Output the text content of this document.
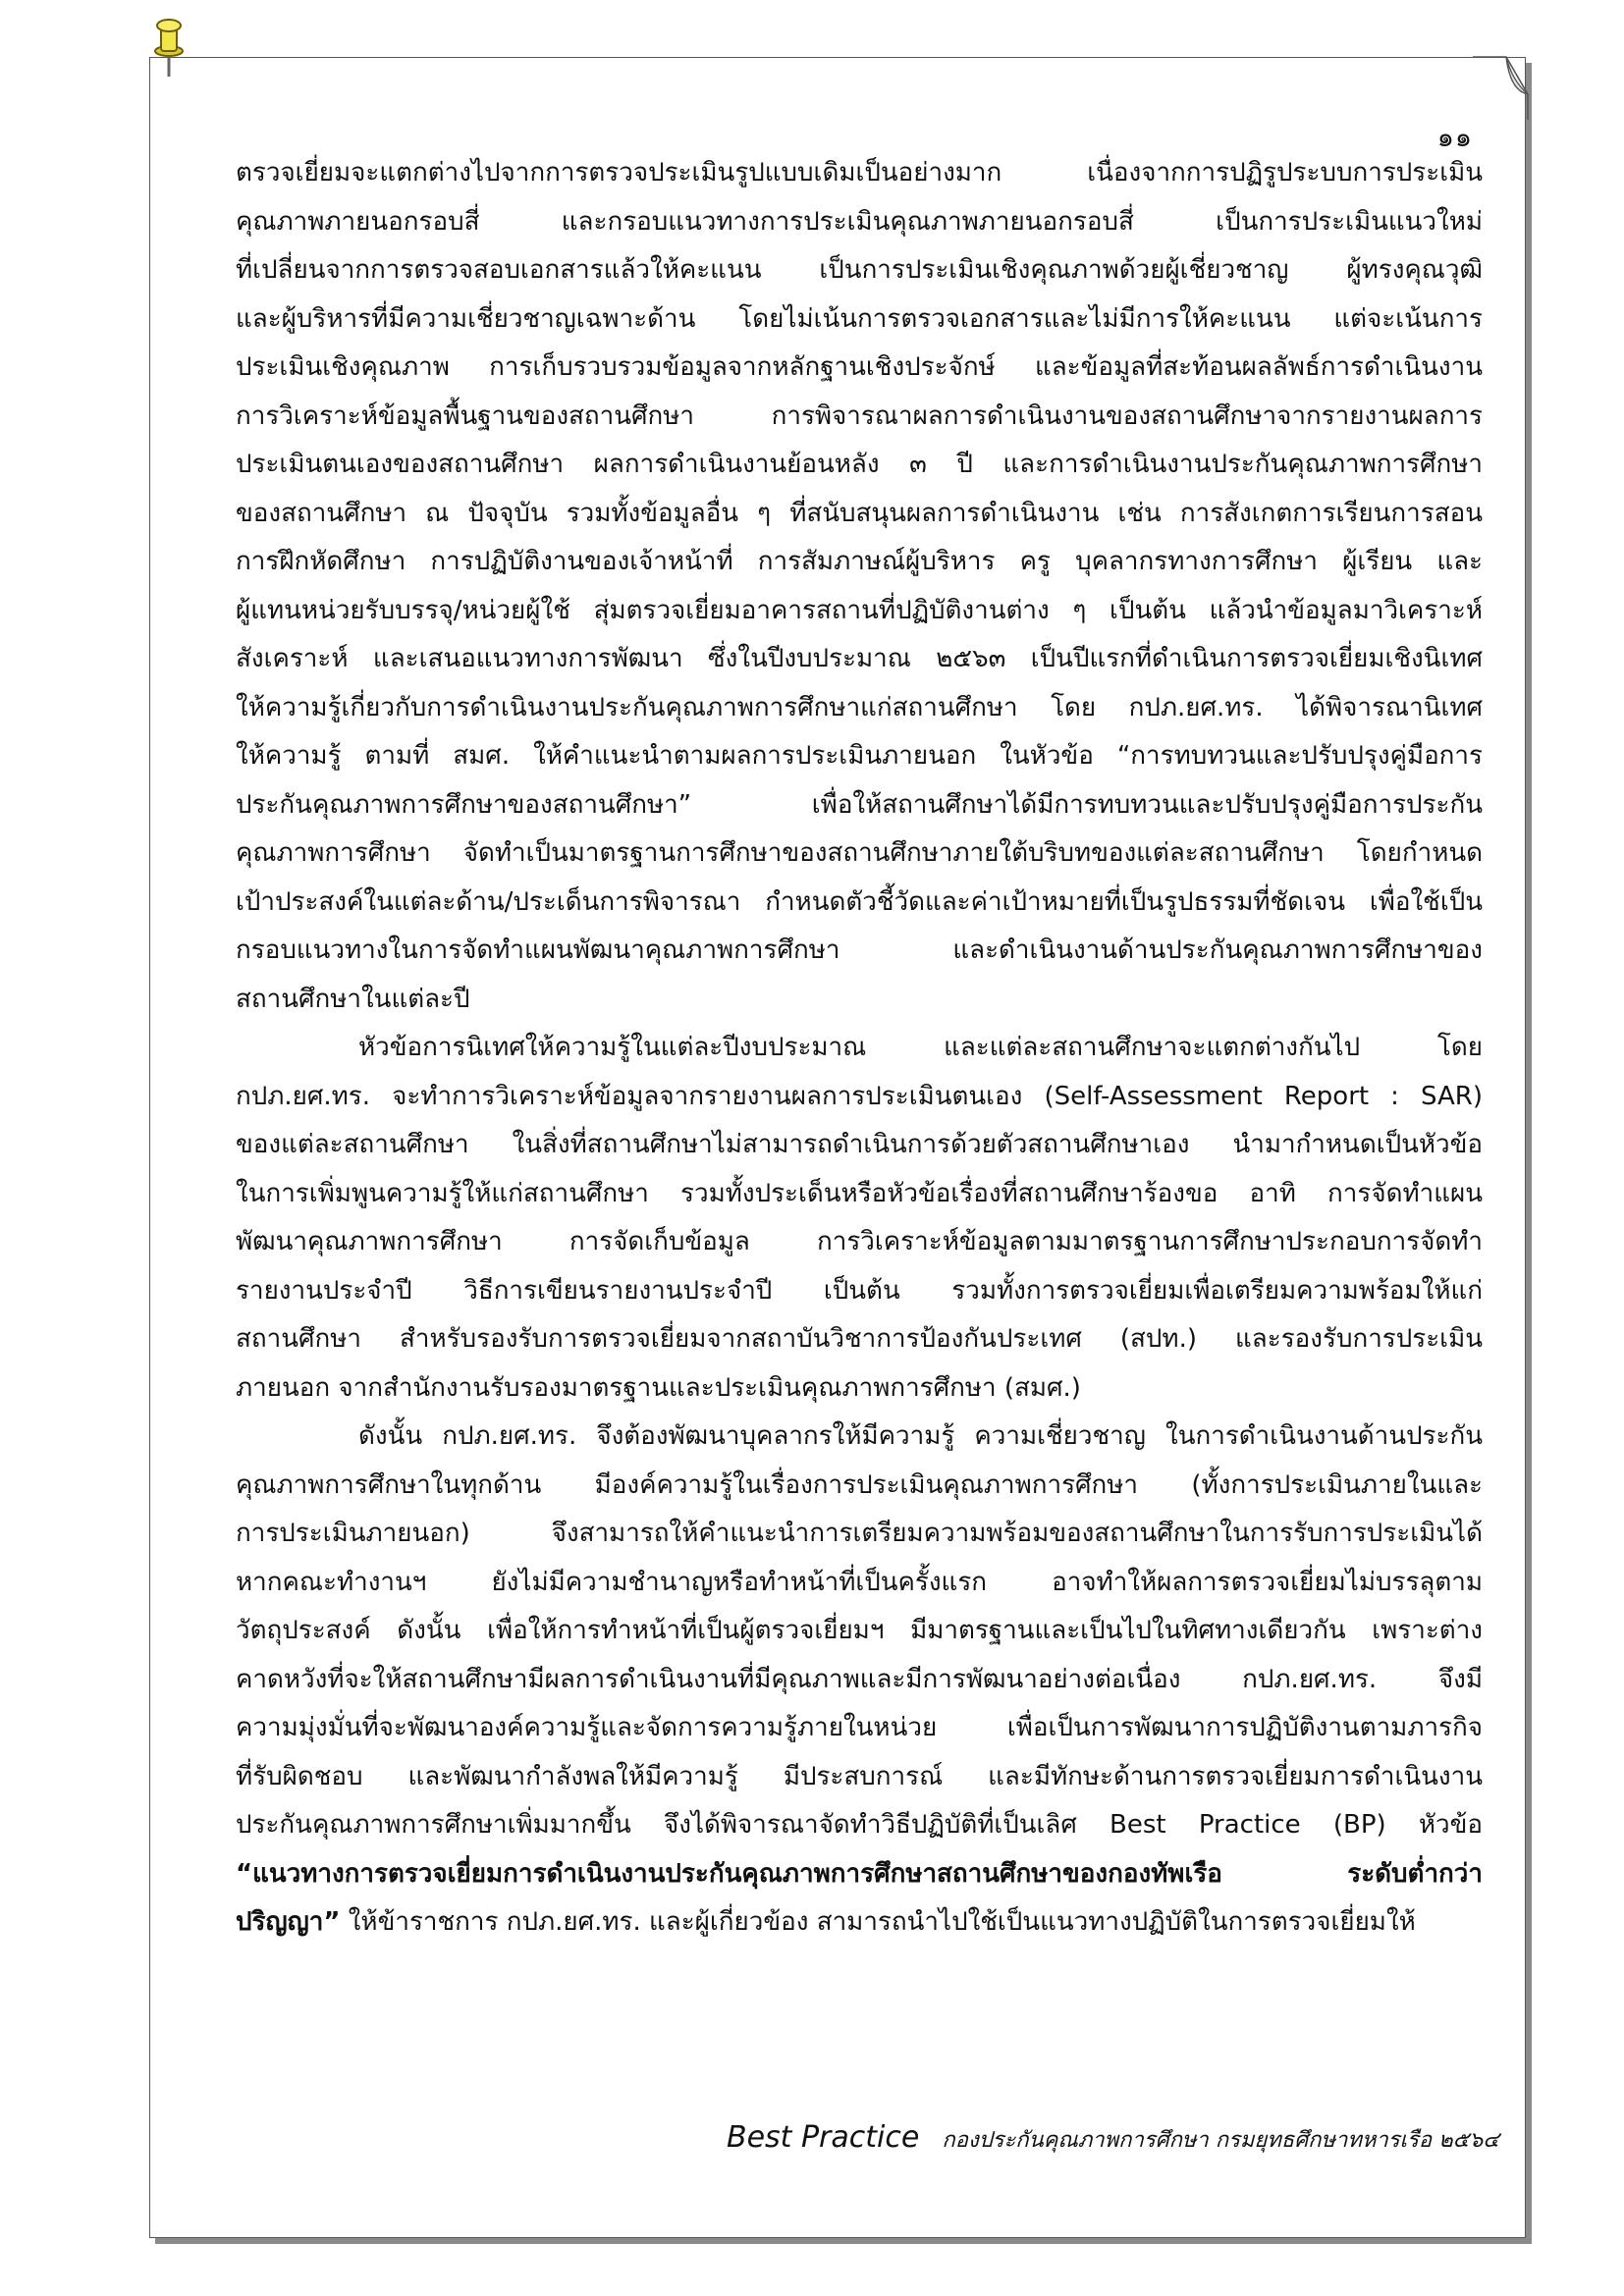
๑๑
ตรวจเยี่ยมจะแตกต่างไปจากการตรวจประเมินรูปแบบเดิมเป็นอย่างมาก เนื่องจากการปฏิรูประบบการประเมิน
คุณภาพภายนอกรอบสี่ และกรอบแนวทางการประเมินคุณภาพภายนอกรอบสี่ เป็นการประเมินแนวใหม่
ที่เปลี่ยนจากการตรวจสอบเอกสารแล้วให้คะแนน เป็นการประเมินเชิงคุณภาพด้วยผู้เชี่ยวชาญ ผู้ทรงคุณวุฒิ
และผู้บริหารที่มีความเชี่ยวชาญเฉพาะด้าน โดยไม่เน้นการตรวจเอกสารและไม่มีการให้คะแนน แต่จะเน้นการ
ประเมินเชิงคุณภาพ การเก็บรวบรวมข้อมูลจากหลักฐานเชิงประจักษ์ และข้อมูลที่สะท้อนผลลัพธ์การดำเนินงาน
การวิเคราะห์ข้อมูลพื้นฐานของสถานศึกษา การพิจารณาผลการดำเนินงานของสถานศึกษาจากรายงานผลการ
ประเมินตนเองของสถานศึกษา ผลการดำเนินงานย้อนหลัง ๓ ปี และการดำเนินงานประกันคุณภาพการศึกษา
ของสถานศึกษา ณ ปัจจุบัน รวมทั้งข้อมูลอื่น ๆ ที่สนับสนุนผลการดำเนินงาน เช่น การสังเกตการเรียนการสอน
การฝึกหัดศึกษา การปฏิบัติงานของเจ้าหน้าที่ การสัมภาษณ์ผู้บริหาร ครู บุคลากรทางการศึกษา ผู้เรียน และ
ผู้แทนหน่วยรับบรรจุ/หน่วยผู้ใช้ สุ่มตรวจเยี่ยมอาคารสถานที่ปฏิบัติงานต่าง ๆ เป็นต้น แล้วนำข้อมูลมาวิเคราะห์
สังเคราะห์ และเสนอแนวทางการพัฒนา ซึ่งในปีงบประมาณ ๒๕๖๓ เป็นปีแรกที่ดำเนินการตรวจเยี่ยมเชิงนิเทศ
ให้ความรู้เกี่ยวกับการดำเนินงานประกันคุณภาพการศึกษาแก่สถานศึกษา โดย กปภ.ยศ.ทร. ได้พิจารณานิเทศ
ให้ความรู้ ตามที่ สมศ. ให้คำแนะนำตามผลการประเมินภายนอก ในหัวข้อ “การทบทวนและปรับปรุงคู่มือการ
ประกันคุณภาพการศึกษาของสถานศึกษา” เพื่อให้สถานศึกษาได้มีการทบทวนและปรับปรุงคู่มือการประกัน
คุณภาพการศึกษา จัดทำเป็นมาตรฐานการศึกษาของสถานศึกษาภายใต้บริบทของแต่ละสถานศึกษา โดยกำหนด
เป้าประสงค์ในแต่ละด้าน/ประเด็นการพิจารณา กำหนดตัวชี้วัดและค่าเป้าหมายที่เป็นรูปธรรมที่ชัดเจน เพื่อใช้เป็น
กรอบแนวทางในการจัดทำแผนพัฒนาคุณภาพการศึกษา และดำเนินงานด้านประกันคุณภาพการศึกษาของ
สถานศึกษาในแต่ละปี
หัวข้อการนิเทศให้ความรู้ในแต่ละปีงบประมาณ และแต่ละสถานศึกษาจะแตกต่างกันไป โดย
กปภ.ยศ.ทร. จะทำการวิเคราะห์ข้อมูลจากรายงานผลการประเมินตนเอง (Self-Assessment Report : SAR)
ของแต่ละสถานศึกษา ในสิ่งที่สถานศึกษาไม่สามารถดำเนินการด้วยตัวสถานศึกษาเอง นำมากำหนดเป็นหัวข้อ
ในการเพิ่มพูนความรู้ให้แก่สถานศึกษา รวมทั้งประเด็นหรือหัวข้อเรื่องที่สถานศึกษาร้องขอ อาทิ การจัดทำแผน
พัฒนาคุณภาพการศึกษา การจัดเก็บข้อมูล การวิเคราะห์ข้อมูลตามมาตรฐานการศึกษาประกอบการจัดทำ
รายงานประจำปี วิธีการเขียนรายงานประจำปี เป็นต้น รวมทั้งการตรวจเยี่ยมเพื่อเตรียมความพร้อมให้แก่
สถานศึกษา สำหรับรองรับการตรวจเยี่ยมจากสถาบันวิชาการป้องกันประเทศ (สปท.) และรองรับการประเมิน
ภายนอก จากสำนักงานรับรองมาตรฐานและประเมินคุณภาพการศึกษา (สมศ.)
ดังนั้น กปภ.ยศ.ทร. จึงต้องพัฒนาบุคลากรให้มีความรู้ ความเชี่ยวชาญ ในการดำเนินงานด้านประกัน
คุณภาพการศึกษาในทุกด้าน มีองค์ความรู้ในเรื่องการประเมินคุณภาพการศึกษา (ทั้งการประเมินภายในและ
การประเมินภายนอก) จึงสามารถให้คำแนะนำการเตรียมความพร้อมของสถานศึกษาในการรับการประเมินได้
หากคณะทำงานฯ ยังไม่มีความชำนาญหรือทำหน้าที่เป็นครั้งแรก อาจทำให้ผลการตรวจเยี่ยมไม่บรรลุตาม
วัตถุประสงค์ ดังนั้น เพื่อให้การทำหน้าที่เป็นผู้ตรวจเยี่ยมฯ มีมาตรฐานและเป็นไปในทิศทางเดียวกัน เพราะต่าง
คาดหวังที่จะให้สถานศึกษามีผลการดำเนินงานที่มีคุณภาพและมีการพัฒนาอย่างต่อเนื่อง กปภ.ยศ.ทร. จึงมี
ความมุ่งมั่นที่จะพัฒนาองค์ความรู้และจัดการความรู้ภายในหน่วย เพื่อเป็นการพัฒนาการปฏิบัติงานตามภารกิจ
ที่รับผิดชอบ และพัฒนากำลังพลให้มีความรู้ มีประสบการณ์ และมีทักษะด้านการตรวจเยี่ยมการดำเนินงาน
ประกันคุณภาพการศึกษาเพิ่มมากขึ้น จึงได้พิจารณาจัดทำวิธีปฏิบัติที่เป็นเลิศ Best Practice (BP) หัวข้อ
“แนวทางการตรวจเยี่ยมการดำเนินงานประกันคุณภาพการศึกษาสถานศึกษาของกองทัพเรือ ระดับต่ำกว่า
ปริญญา” ให้ข้าราชการ กปภ.ยศ.ทร. และผู้เกี่ยวข้อง สามารถนำไปใช้เป็นแนวทางปฏิบัติในการตรวจเยี่ยมให้
Best Practice กองประกันคุณภาพการศึกษา กรมยุทธศึกษาทหารเรือ ๒๕๖๔
